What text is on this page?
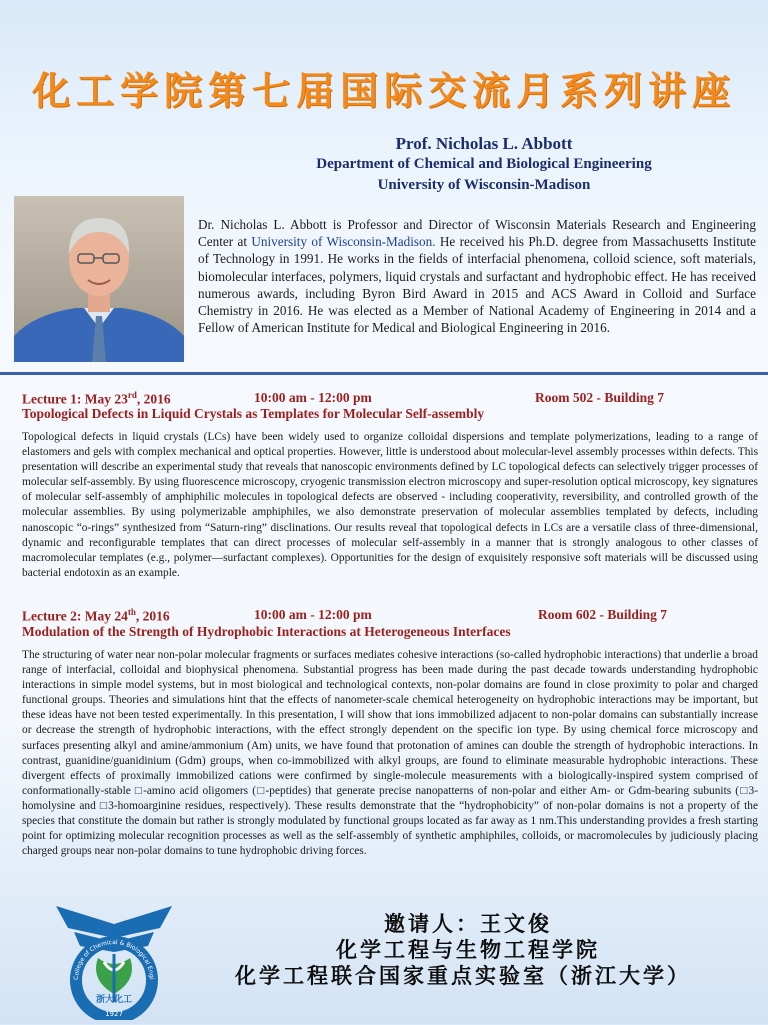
化工学院第七届国际交流月系列讲座
Prof. Nicholas L. Abbott
Department of Chemical and Biological Engineering
University of Wisconsin-Madison
Dr. Nicholas L. Abbott is Professor and Director of Wisconsin Materials Research and Engineering Center at University of Wisconsin-Madison. He received his Ph.D. degree from Massachusetts Institute of Technology in 1991. He works in the fields of interfacial phenomena, colloid science, soft materials, biomolecular interfaces, polymers, liquid crystals and surfactant and hydrophobic effect. He has received numerous awards, including Byron Bird Award in 2015 and ACS Award in Colloid and Surface Chemistry in 2016. He was elected as a Member of National Academy of Engineering in 2014 and a Fellow of American Institute for Medical and Biological Engineering in 2016.
Lecture 1: May 23rd, 2016	10:00 am - 12:00 pm	Room 502 - Building 7
Topological Defects in Liquid Crystals as Templates for Molecular Self-assembly
Topological defects in liquid crystals (LCs) have been widely used to organize colloidal dispersions and template polymerizations, leading to a range of elastomers and gels with complex mechanical and optical properties. However, little is understood about molecular-level assembly processes within defects. This presentation will describe an experimental study that reveals that nanoscopic environments defined by LC topological defects can selectively trigger processes of molecular self-assembly. By using fluorescence microscopy, cryogenic transmission electron microscopy and super-resolution optical microscopy, key signatures of molecular self-assembly of amphiphilic molecules in topological defects are observed - including cooperativity, reversibility, and controlled growth of the molecular assemblies. By using polymerizable amphiphiles, we also demonstrate preservation of molecular assemblies templated by defects, including nanoscopic “o-rings” synthesized from “Saturn-ring” disclinations. Our results reveal that topological defects in LCs are a versatile class of three-dimensional, dynamic and reconfigurable templates that can direct processes of molecular self-assembly in a manner that is strongly analogous to other classes of macromolecular templates (e.g., polymer—surfactant complexes). Opportunities for the design of exquisitely responsive soft materials will be discussed using bacterial endotoxin as an example.
Lecture 2: May 24th, 2016	10:00 am - 12:00 pm	Room 602 - Building 7
Modulation of the Strength of Hydrophobic Interactions at Heterogeneous Interfaces
The structuring of water near non-polar molecular fragments or surfaces mediates cohesive interactions (so-called hydrophobic interactions) that underlie a broad range of interfacial, colloidal and biophysical phenomena. Substantial progress has been made during the past decade towards understanding hydrophobic interactions in simple model systems, but in most biological and technological contexts, non-polar domains are found in close proximity to polar and charged functional groups. Theories and simulations hint that the effects of nanometer-scale chemical heterogeneity on hydrophobic interactions may be important, but these ideas have not been tested experimentally. In this presentation, I will show that ions immobilized adjacent to non-polar domains can substantially increase or decrease the strength of hydrophobic interactions, with the effect strongly dependent on the specific ion type. By using chemical force microscopy and surfaces presenting alkyl and amine/ammonium (Am) units, we have found that protonation of amines can double the strength of hydrophobic interactions. In contrast, guanidine/guanidinium (Gdm) groups, when co-immobilized with alkyl groups, are found to eliminate measurable hydrophobic interactions. These divergent effects of proximally immobilized cations were confirmed by single-molecule measurements with a biologically-inspired system comprised of conformationally-stable □-amino acid oligomers (□-peptides) that generate precise nanopatterns of non-polar and either Am- or Gdm-bearing subunits (□3-homolysine and □3-homoarginine residues, respectively). These results demonstrate that the “hydrophobicity” of non-polar domains is not a property of the species that constitute the domain but rather is strongly modulated by functional groups located as far away as 1 nm.This understanding provides a fresh starting point for optimizing molecular recognition processes as well as the self-assembly of synthetic amphiphiles, colloids, or macromolecules by judiciously placing charged groups near non-polar domains to tune hydrophobic driving forces.
浙大化工
1927
College of Chemical & Biological Engi
邀请人：王文俊
化学工程与生物工程学院
化学工程联合国家重点实验室（浙江大学）
